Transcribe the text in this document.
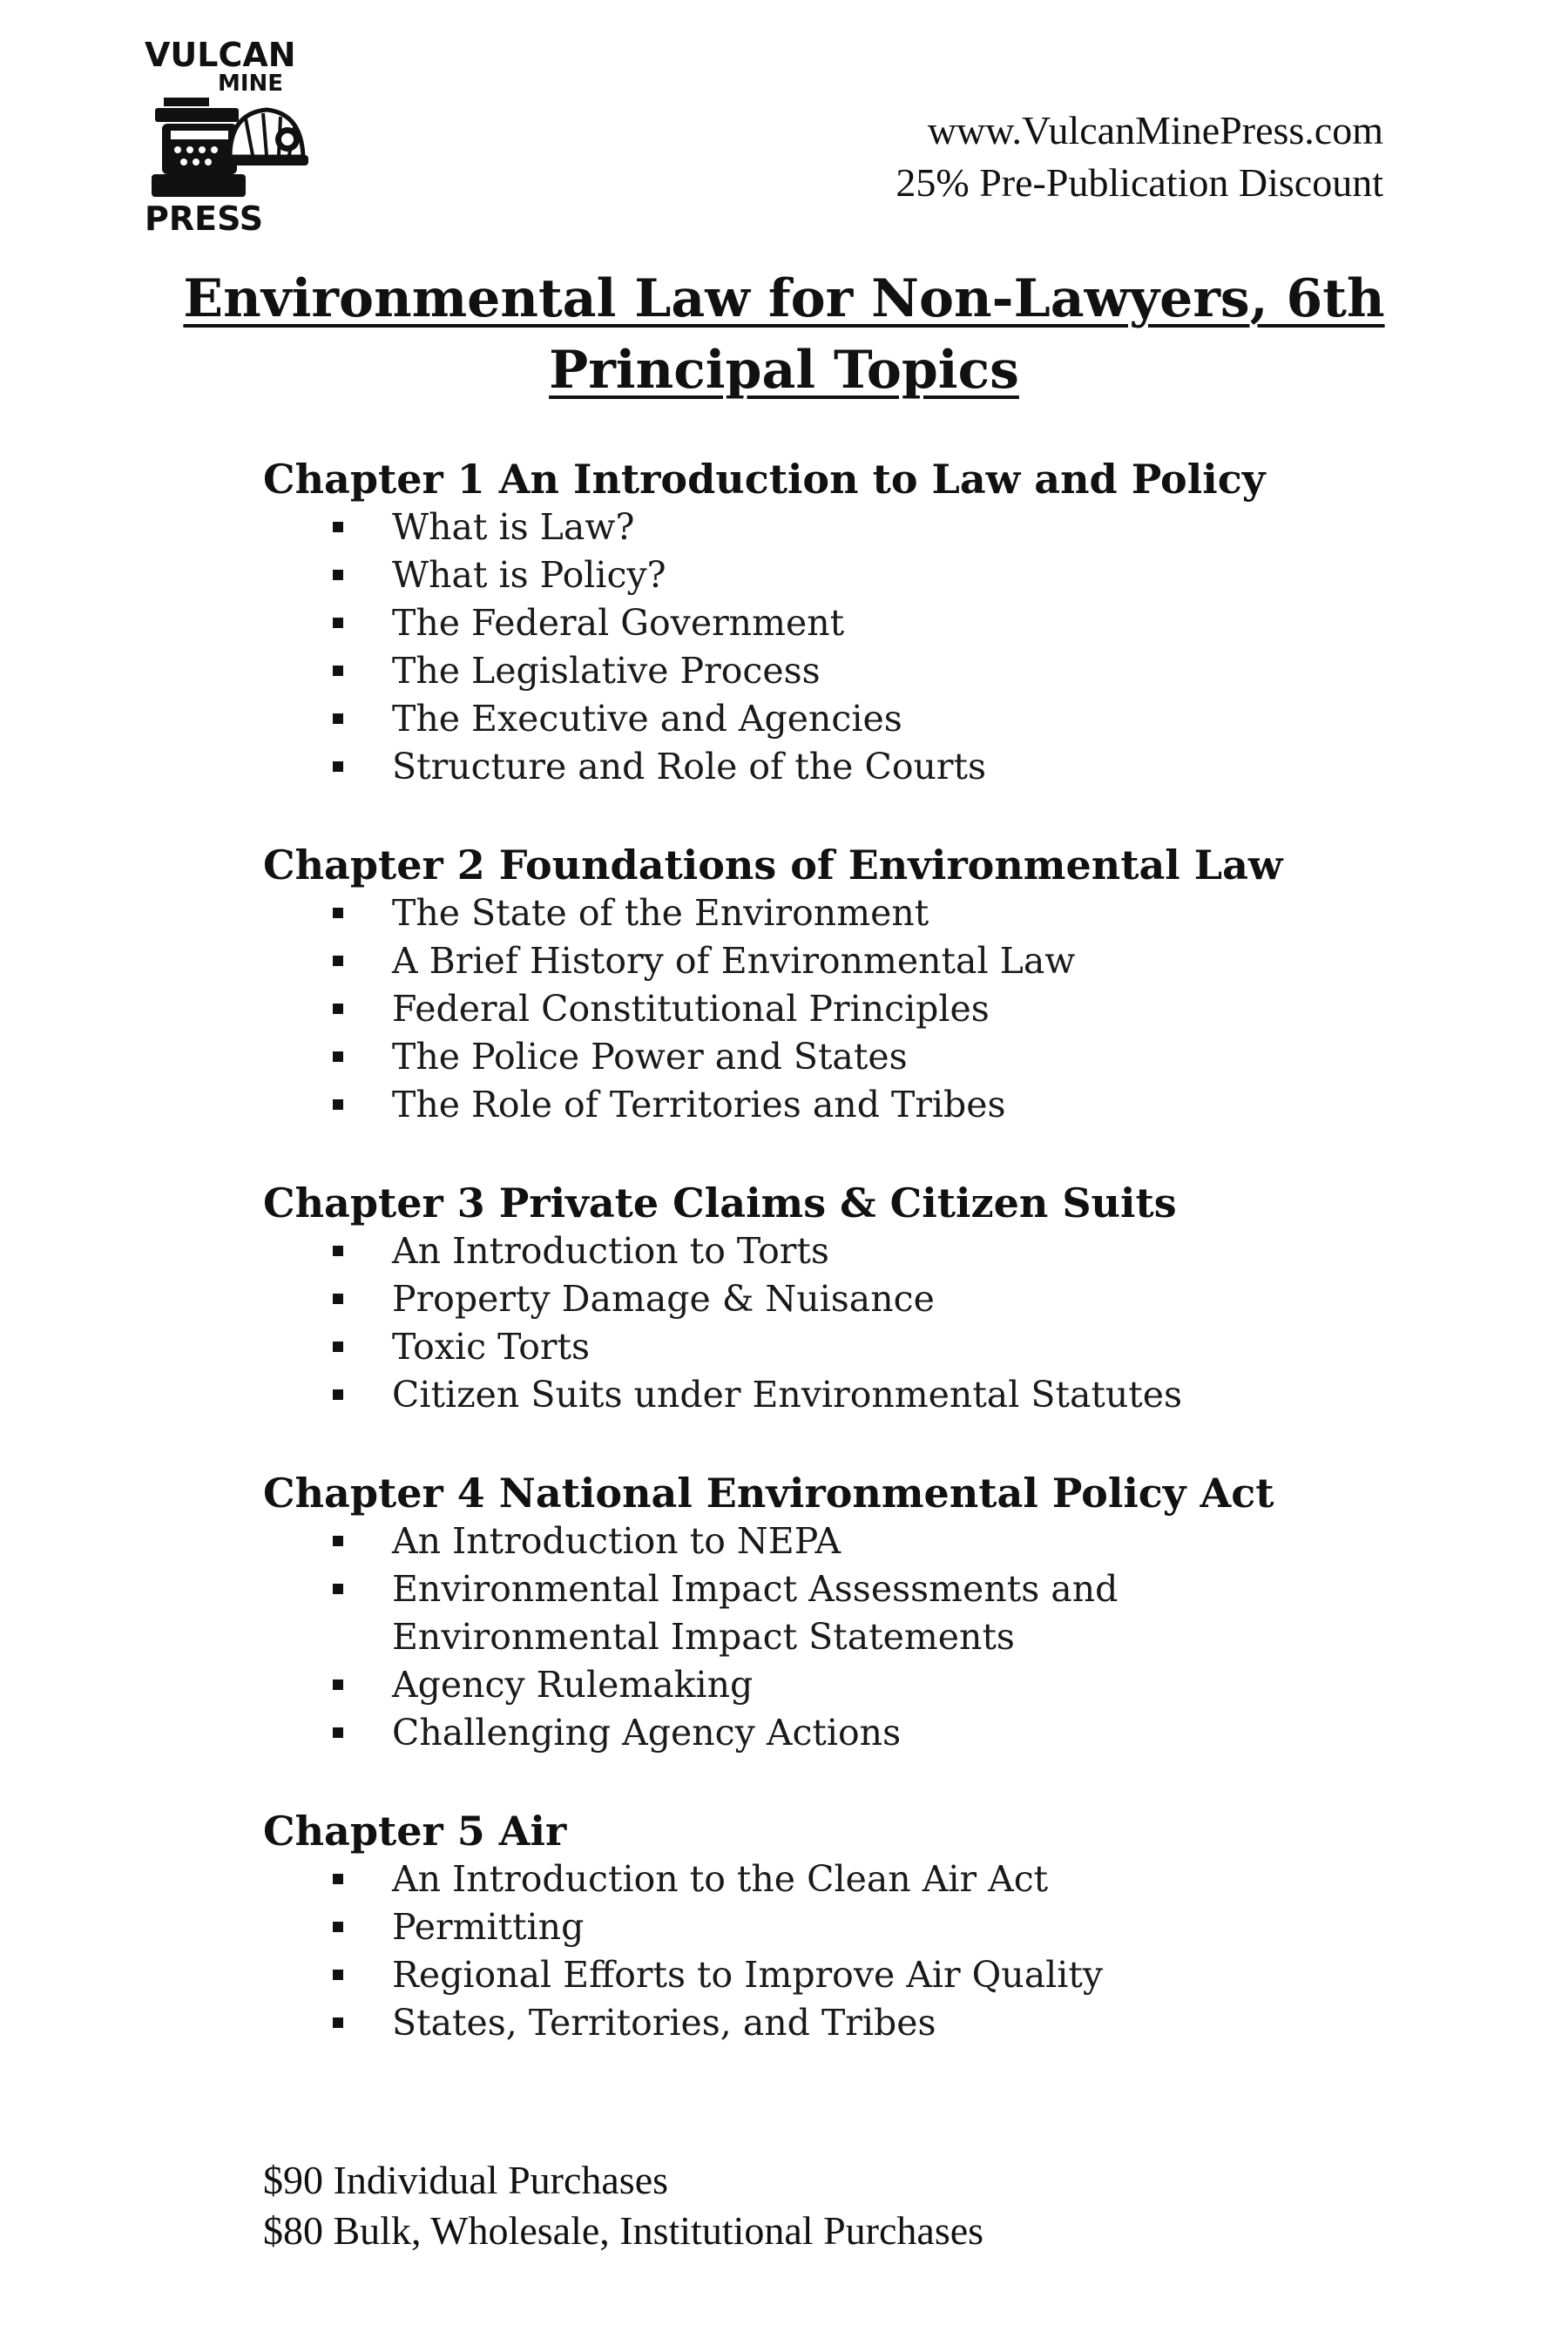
VULCAN
MINE
PRESS
www.VulcanMinePress.com
25% Pre-Publication Discount
Environmental Law for Non-Lawyers, 6th
Principal Topics
Chapter 1 An Introduction to Law and Policy
What is Law?
What is Policy?
The Federal Government
The Legislative Process
The Executive and Agencies
Structure and Role of the Courts
Chapter 2 Foundations of Environmental Law
The State of the Environment
A Brief History of Environmental Law
Federal Constitutional Principles
The Police Power and States
The Role of Territories and Tribes
Chapter 3 Private Claims & Citizen Suits
An Introduction to Torts
Property Damage & Nuisance
Toxic Torts
Citizen Suits under Environmental Statutes
Chapter 4 National Environmental Policy Act
An Introduction to NEPA
Environmental Impact Assessments and Environmental Impact Statements
Agency Rulemaking
Challenging Agency Actions
Chapter 5 Air
An Introduction to the Clean Air Act
Permitting
Regional Efforts to Improve Air Quality
States, Territories, and Tribes
$90 Individual Purchases
$80 Bulk, Wholesale, Institutional Purchases
